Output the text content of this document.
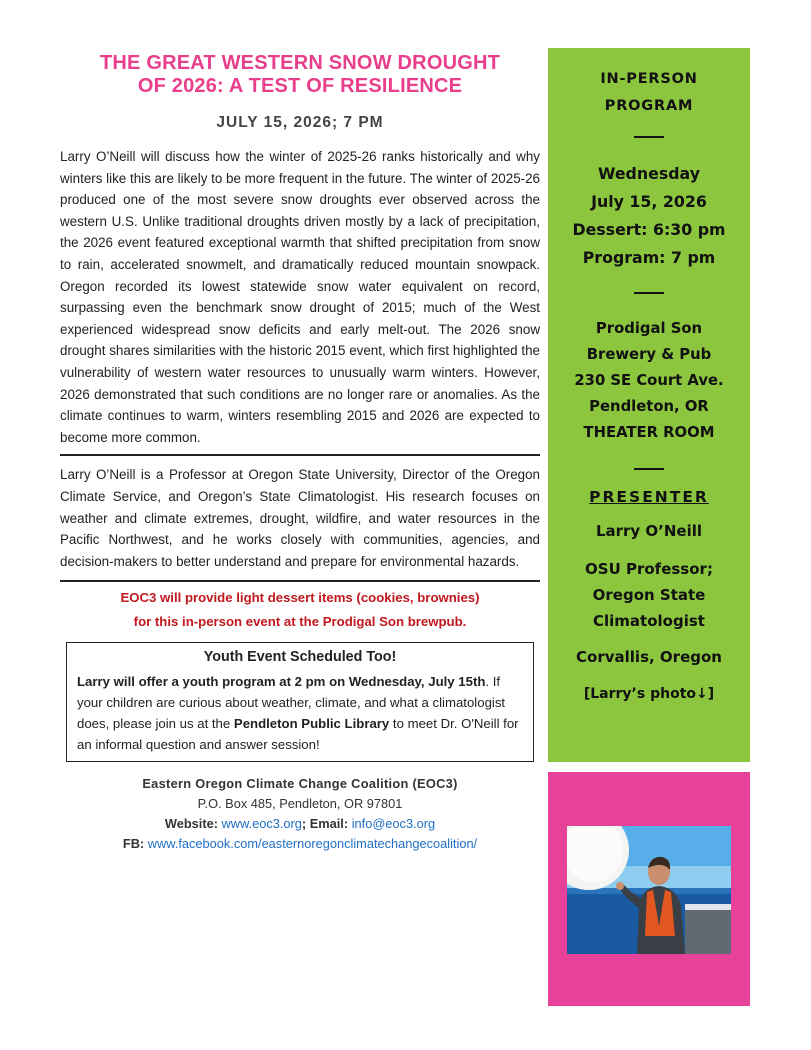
THE GREAT WESTERN SNOW DROUGHT
OF 2026: A TEST OF RESILIENCE
JULY 15, 2026; 7 PM

Larry O’Neill will discuss how the winter of 2025-26 ranks historically and why winters like this are likely to be more frequent in the future. The winter of 2025-26 produced one of the most severe snow droughts ever observed across the western U.S. Unlike traditional droughts driven mostly by a lack of precipitation, the 2026 event featured exceptional warmth that shifted precipitation from snow to rain, accelerated snowmelt, and dramatically reduced mountain snowpack. Oregon recorded its lowest statewide snow water equivalent on record, surpassing even the benchmark snow drought of 2015; much of the West experienced widespread snow deficits and early melt-out. The 2026 snow drought shares similarities with the historic 2015 event, which first highlighted the vulnerability of western water resources to unusually warm winters. However, 2026 demonstrated that such conditions are no longer rare or anomalies. As the climate continues to warm, winters resembling 2015 and 2026 are expected to become more common.

Larry O’Neill is a Professor at Oregon State University, Director of the Oregon Climate Service, and Oregon’s State Climatologist. His research focuses on weather and climate extremes, drought, wildfire, and water resources in the Pacific Northwest, and he works closely with communities, agencies, and decision-makers to better understand and prepare for environmental hazards.

EOC3 will provide light dessert items (cookies, brownies)
for this in-person event at the Prodigal Son brewpub.
Youth Event Scheduled Too!

Larry will offer a youth program at 2 pm on Wednesday, July 15th. If your children are curious about weather, climate, and what a climatologist does, please join us at the Pendleton Public Library to meet Dr. O'Neill for an informal question and answer session!

Eastern Oregon Climate Change Coalition (EOC3)
P.O. Box 485, Pendleton, OR 97801
Website: www.eoc3.org; Email: info@eoc3.org
FB: www.facebook.com/easternoregonclimatechangecoalition/
IN-PERSON
PROGRAM
Wednesday
July 15, 2026
Dessert: 6:30 pm
Program: 7 pm
Prodigal Son
Brewery & Pub
230 SE Court Ave.
Pendleton, OR
THEATER ROOM
PRESENTER
Larry O’Neill
OSU Professor;
Oregon State
Climatologist
Corvallis, Oregon
[Larry’s photo↓]
